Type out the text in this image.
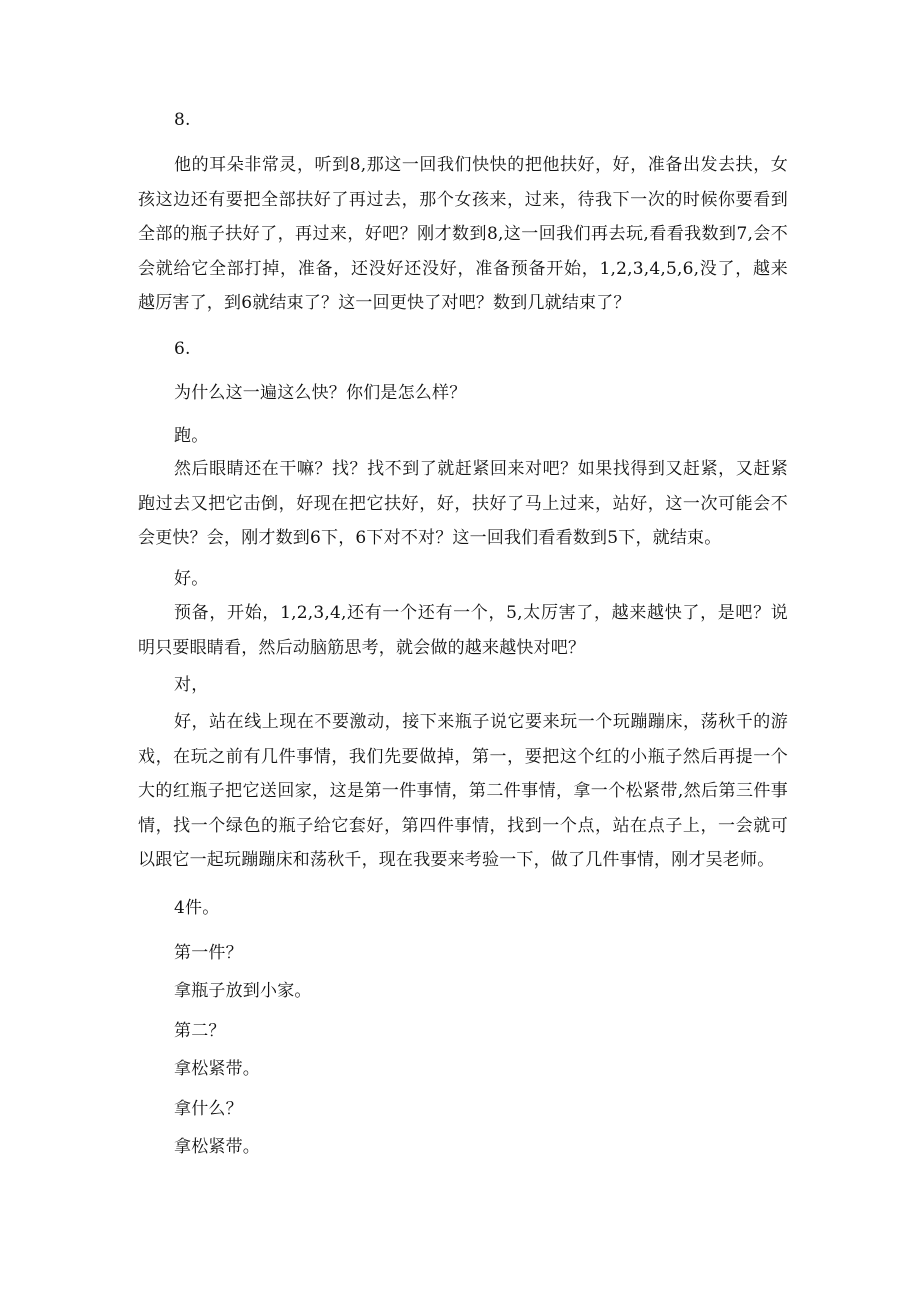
8.

他的耳朵非常灵，听到8,那这一回我们快快的把他扶好，好，准备出发去扶，女孩这边还有要把全部扶好了再过去，那个女孩来，过来，待我下一次的时候你要看到全部的瓶子扶好了，再过来，好吧？刚才数到8,这一回我们再去玩,看看我数到7,会不会就给它全部打掉，准备，还没好还没好，准备预备开始，1,2,3,4,5,6,没了，越来越厉害了，到6就结束了？这一回更快了对吧？数到几就结束了？

6.

为什么这一遍这么快？你们是怎么样？

跑。

然后眼睛还在干嘛？找？找不到了就赶紧回来对吧？如果找得到又赶紧，又赶紧跑过去又把它击倒，好现在把它扶好，好，扶好了马上过来，站好，这一次可能会不会更快？会，刚才数到6下，6下对不对？这一回我们看看数到5下，就结束。

好。

预备，开始，1,2,3,4,还有一个还有一个，5,太厉害了，越来越快了，是吧？说明只要眼睛看，然后动脑筋思考，就会做的越来越快对吧？

对，

好，站在线上现在不要激动，接下来瓶子说它要来玩一个玩蹦蹦床，荡秋千的游戏，在玩之前有几件事情，我们先要做掉，第一，要把这个红的小瓶子然后再提一个大的红瓶子把它送回家，这是第一件事情，第二件事情，拿一个松紧带,然后第三件事情，找一个绿色的瓶子给它套好，第四件事情，找到一个点，站在点子上，一会就可以跟它一起玩蹦蹦床和荡秋千，现在我要来考验一下，做了几件事情，刚才吴老师。

4件。

第一件？

拿瓶子放到小家。

第二？

拿松紧带。

拿什么？

拿松紧带。
